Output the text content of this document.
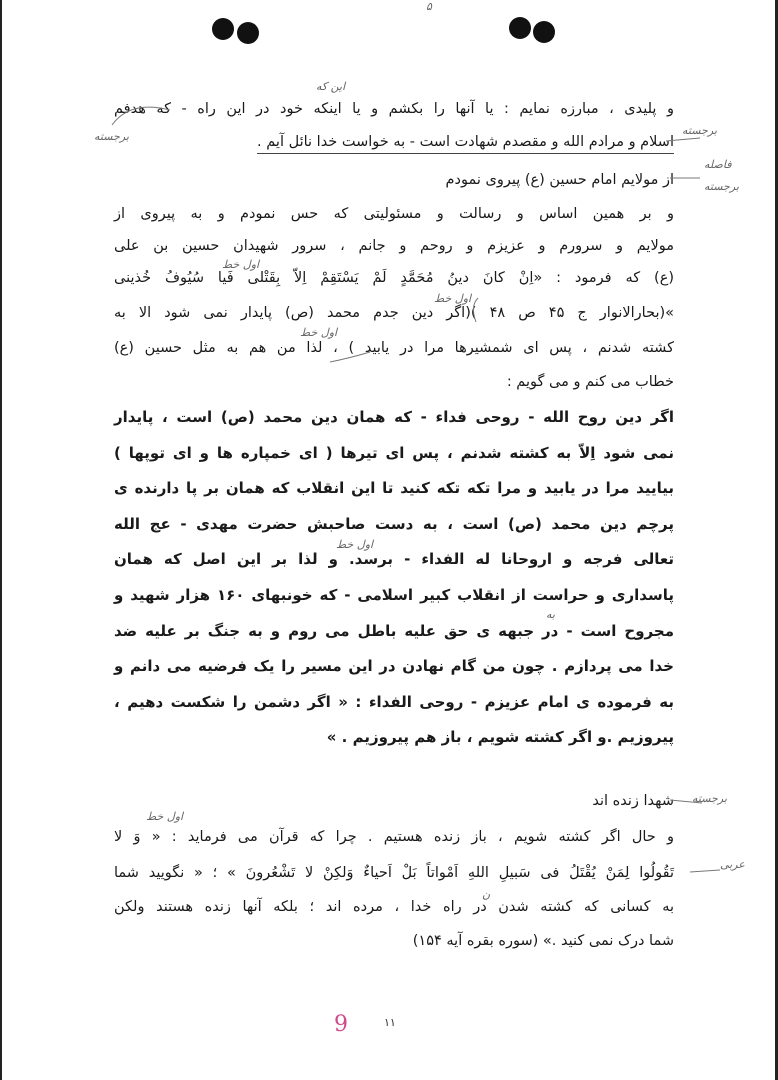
و پلیدی ، مبارزه نمایم : یا آنها را بکشم و یا اینکه خود در این راه - که هدفم
اسلام و مرادم الله و مقصدم شهادت است - به خواست خدا نائل آیم .
از مولایم امام حسین (ع) پیروی نمودم
و بر همین اساس و رسالت و مسئولیتی که حس نمودم و به پیروی از
مولایم و سرورم و عزیزم و روحم و جانم ، سرور شهیدان حسین بن علی
(ع) که فرمود : «اِنْ کانَ دینُ مُحَمَّدٍ لَمْ یَسْتَقِمْ اِلاّ بِقَتْلی فَیا سُیُوفُ خُذینی
»(بحارالانوار ج ۴۵ ص ۴۸ )(اگر دین جدم محمد (ص) پایدار نمی شود الا به
کشته شدنم ، پس ای شمشیرها مرا در یابید ) ، لذا من هم به مثل حسین (ع)
خطاب می کنم و می گویم :
اگر دین روح الله - روحی فداء - که همان دین محمد (ص) است ، پایدار
نمی شود اِلاّ به کشته شدنم ، پس ای تیرها ( ای خمپاره ها و ای توپها )
بیایید مرا در یابید و مرا تکه تکه کنید تا این انقلاب که همان بر پا دارنده ی
پرچم دین محمد (ص) است ، به دست صاحبش حضرت مهدی - عج الله
تعالی فرجه و اروحانا له الفداء - برسد. و لذا بر این اصل که همان
پاسداری و حراست از انقلاب کبیر اسلامی - که خونبهای ۱۶۰ هزار شهید و
مجروح است - در جبهه ی حق علیه باطل می روم و به جنگ بر علیه ضد
خدا می پردازم . چون من گام نهادن در این مسیر را یک فرضیه می دانم و
به فرموده ی امام عزیزم - روحی الفداء : « اگر دشمن را شکست دهیم ،
پیروزیم .و اگر کشته شویم ، باز هم پیروزیم . »
شهدا زنده اند
و حال اگر کشته شویم ، باز زنده هستیم . چرا که قرآن می فرماید : « وَ لا
تَقُولُوا لِمَنْ یُقْتَلُ فی سَبیلِ اللهِ اَمْواتاً بَلْ اَحیاءٌ وَلکِنْ لا تَشْعُرونَ » ؛ « نگویید شما
به کسانی که کشته شدن در راه خدا ، مرده اند ؛ بلکه آنها زنده هستند ولکن
شما درک نمی کنید .» (سوره بقره آیه ۱۵۴)
۵
این که
برجسته
برجسته
فاصله
برجسته
اول خط
اول خط
اول خط
اول خط
به
برجسته
اول خط
عربی
ن
9	۱۱
